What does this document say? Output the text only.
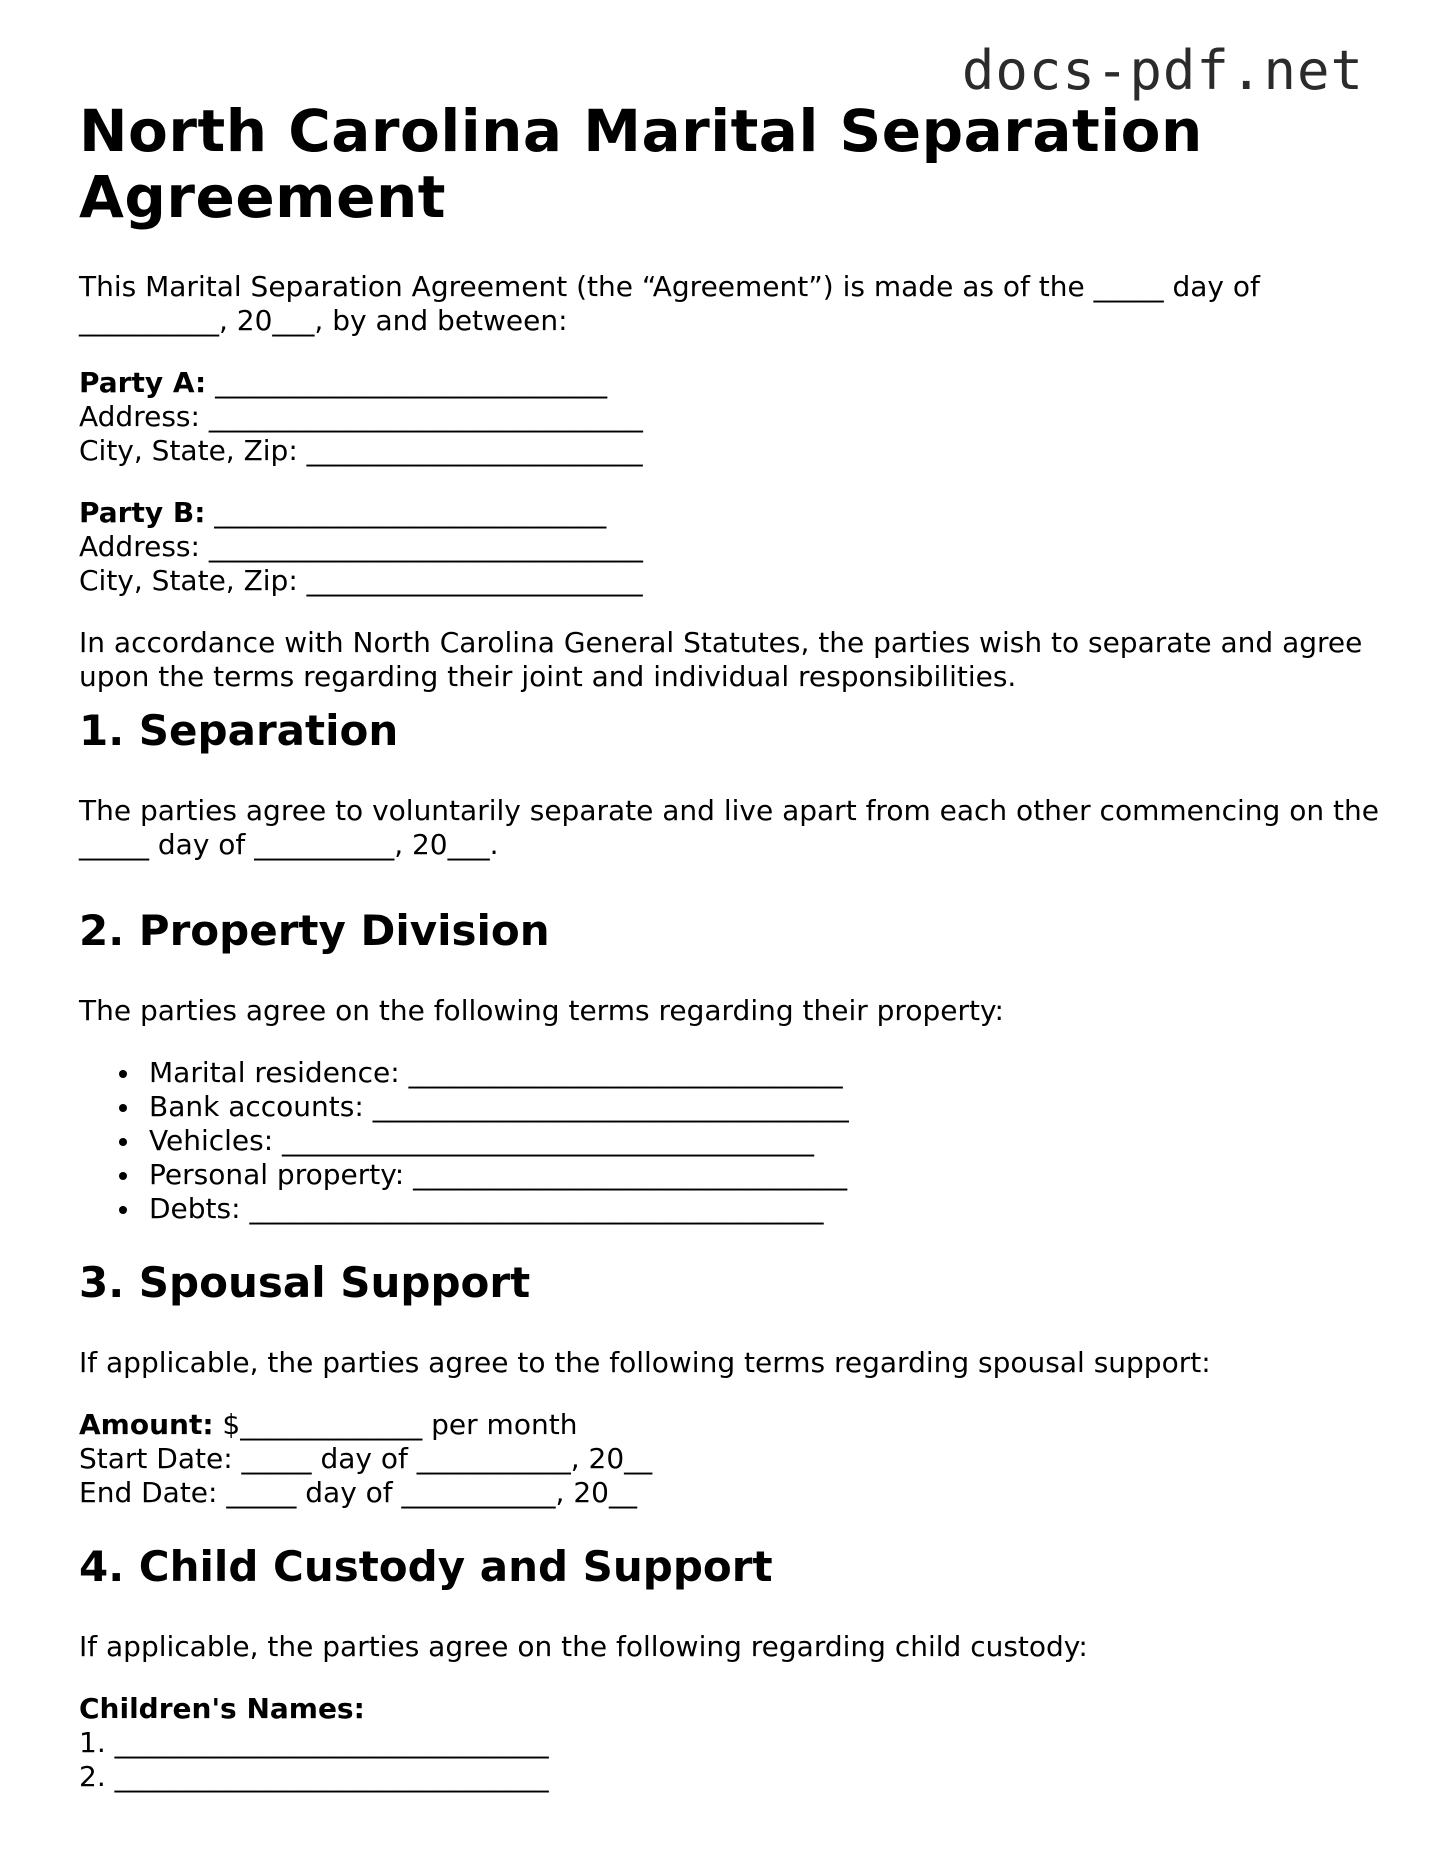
docs-pdf.net
North Carolina Marital Separation Agreement

This Marital Separation Agreement (the “Agreement”) is made as of the _____ day of __________, 20___, by and between:

Party A: ____________________________
Address: _______________________________
City, State, Zip: ________________________
Party B: ____________________________
Address: _______________________________
City, State, Zip: ________________________

In accordance with North Carolina General Statutes, the parties wish to separate and agree upon the terms regarding their joint and individual responsibilities.

1. Separation

The parties agree to voluntarily separate and live apart from each other commencing on the _____ day of __________, 20___.

2. Property Division

The parties agree on the following terms regarding their property:

Marital residence: _______________________________
Bank accounts: __________________________________
Vehicles: ______________________________________
Personal property: _______________________________
Debts: _________________________________________
3. Spousal Support

If applicable, the parties agree to the following terms regarding spousal support:

Amount: $_____________ per month
Start Date: _____ day of ___________, 20__
End Date: _____ day of ___________, 20__
4. Child Custody and Support

If applicable, the parties agree on the following regarding child custody:

Children's Names:
1. _______________________________
2. _______________________________
